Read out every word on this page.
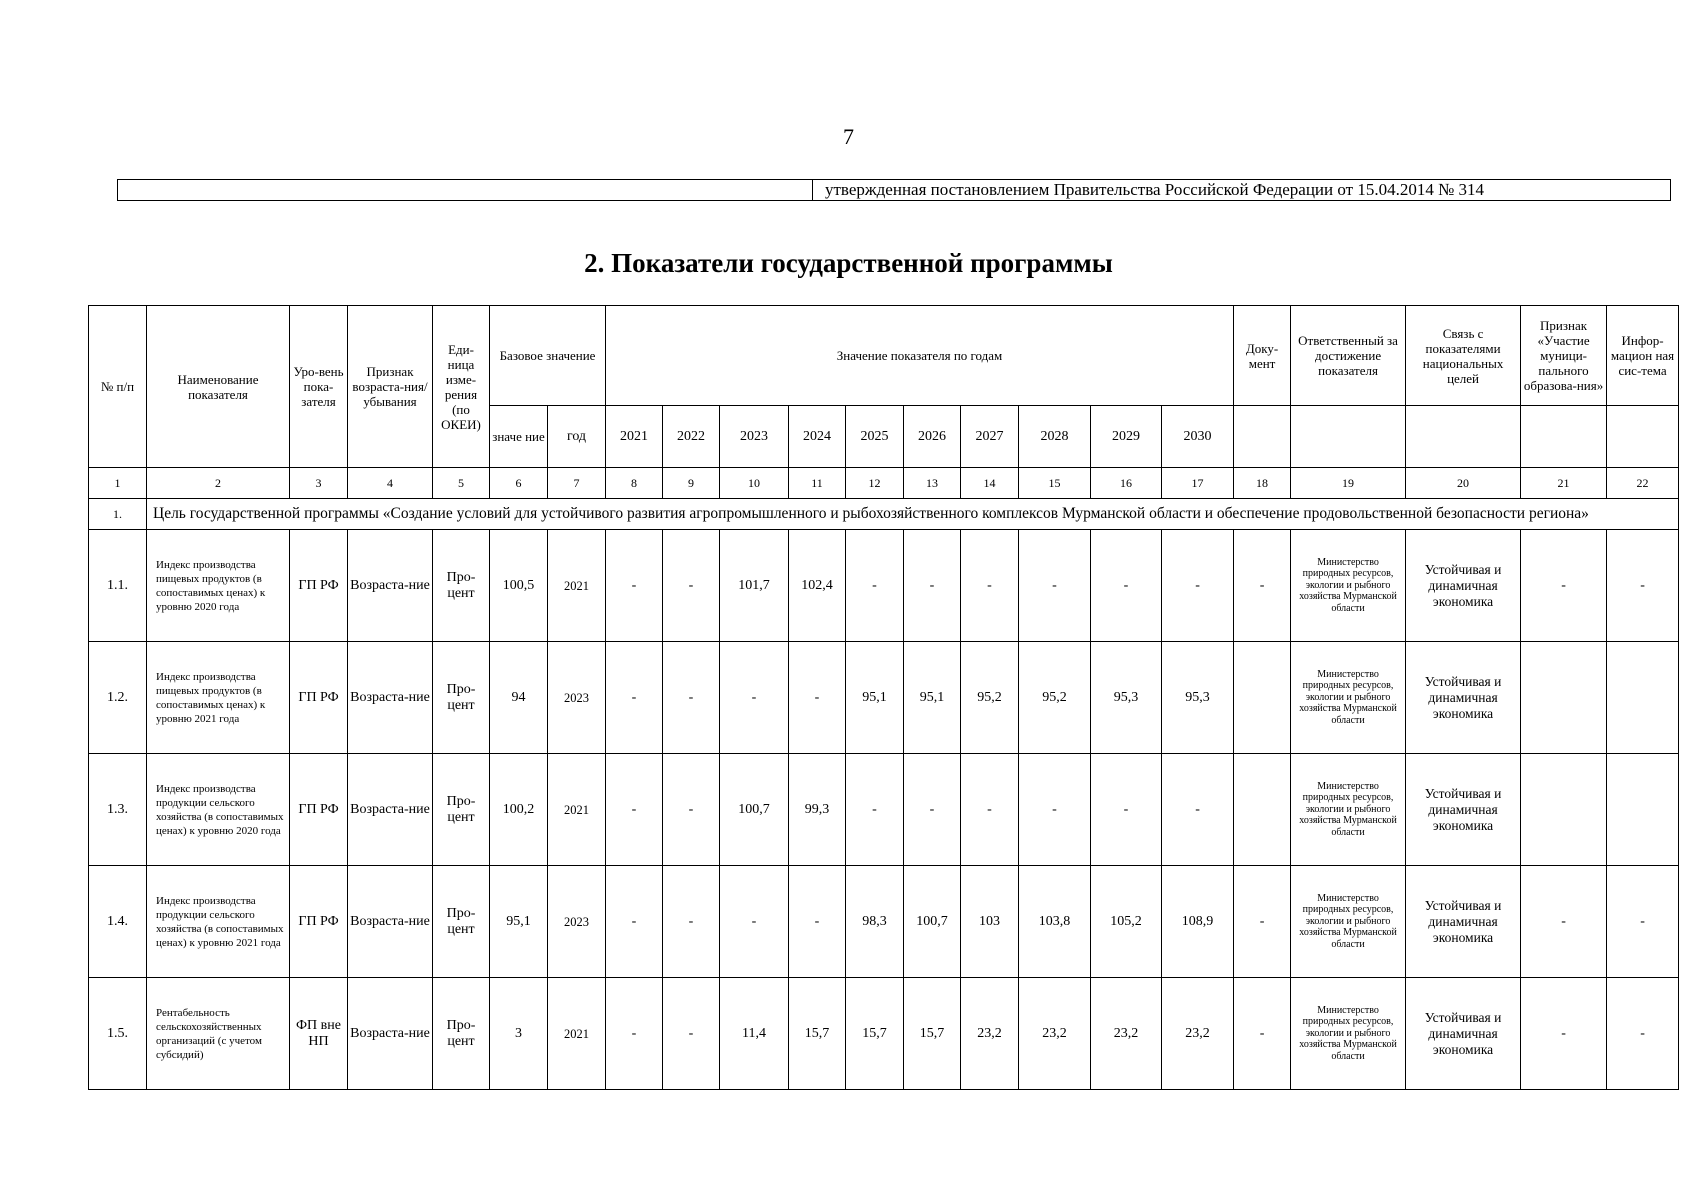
7
утвержденная постановлением Правительства Российской Федерации от 15.04.2014 № 314
2. Показатели государственной программы
№ п/п	Наименование показателя	Уро-вень пока-зателя	Признак возраста-ния/ убывания	Еди-ница изме-рения (по ОКЕИ)	Базовое значение		Значение показателя по годам										Доку-мент	Ответственный за достижение показателя	Связь с показателями национальных целей	Признак «Участие муници-пального образова-ния»	Инфор-мацион ная сис-тема
					значе ние	год	2021	2022	2023	2024	2025	2026	2027	2028	2029	2030					
1	2	3	4	5	6	7	8	9	10	11	12	13	14	15	16	17	18	19	20	21	22
1.	Цель государственной программы «Создание условий для устойчивого развития агропромышленного и рыбохозяйственного комплексов Мурманской области и обеспечение продовольственной безопасности региона»																				
1.1.	Индекс производства пищевых продуктов (в сопоставимых ценах) к уровню 2020 года	ГП РФ	Возраста-ние	Про-цент	100,5	2021	-	-	101,7	102,4	-	-	-	-	-	-	-	Министерство природных ресурсов, экологии и рыбного хозяйства Мурманской области	Устойчивая и динамичная экономика	-	-
1.2.	Индекс производства пищевых продуктов (в сопоставимых ценах) к уровню 2021 года	ГП РФ	Возраста-ние	Про-цент	94	2023	-	-	-	-	95,1	95,1	95,2	95,2	95,3	95,3		Министерство природных ресурсов, экологии и рыбного хозяйства Мурманской области	Устойчивая и динамичная экономика		
1.3.	Индекс производства продукции сельского хозяйства (в сопоставимых ценах) к уровню 2020 года	ГП РФ	Возраста-ние	Про-цент	100,2	2021	-	-	100,7	99,3	-	-	-	-	-	-		Министерство природных ресурсов, экологии и рыбного хозяйства Мурманской области	Устойчивая и динамичная экономика		
1.4.	Индекс производства продукции сельского хозяйства (в сопоставимых ценах) к уровню 2021 года	ГП РФ	Возраста-ние	Про-цент	95,1	2023	-	-	-	-	98,3	100,7	103	103,8	105,2	108,9	-	Министерство природных ресурсов, экологии и рыбного хозяйства Мурманской области	Устойчивая и динамичная экономика	-	-
1.5.	Рентабельность сельскохозяйственных организаций (с учетом субсидий)	ФП вне НП	Возраста-ние	Про-цент	3	2021	-	-	11,4	15,7	15,7	15,7	23,2	23,2	23,2	23,2	-	Министерство природных ресурсов, экологии и рыбного хозяйства Мурманской области	Устойчивая и динамичная экономика	-	-
